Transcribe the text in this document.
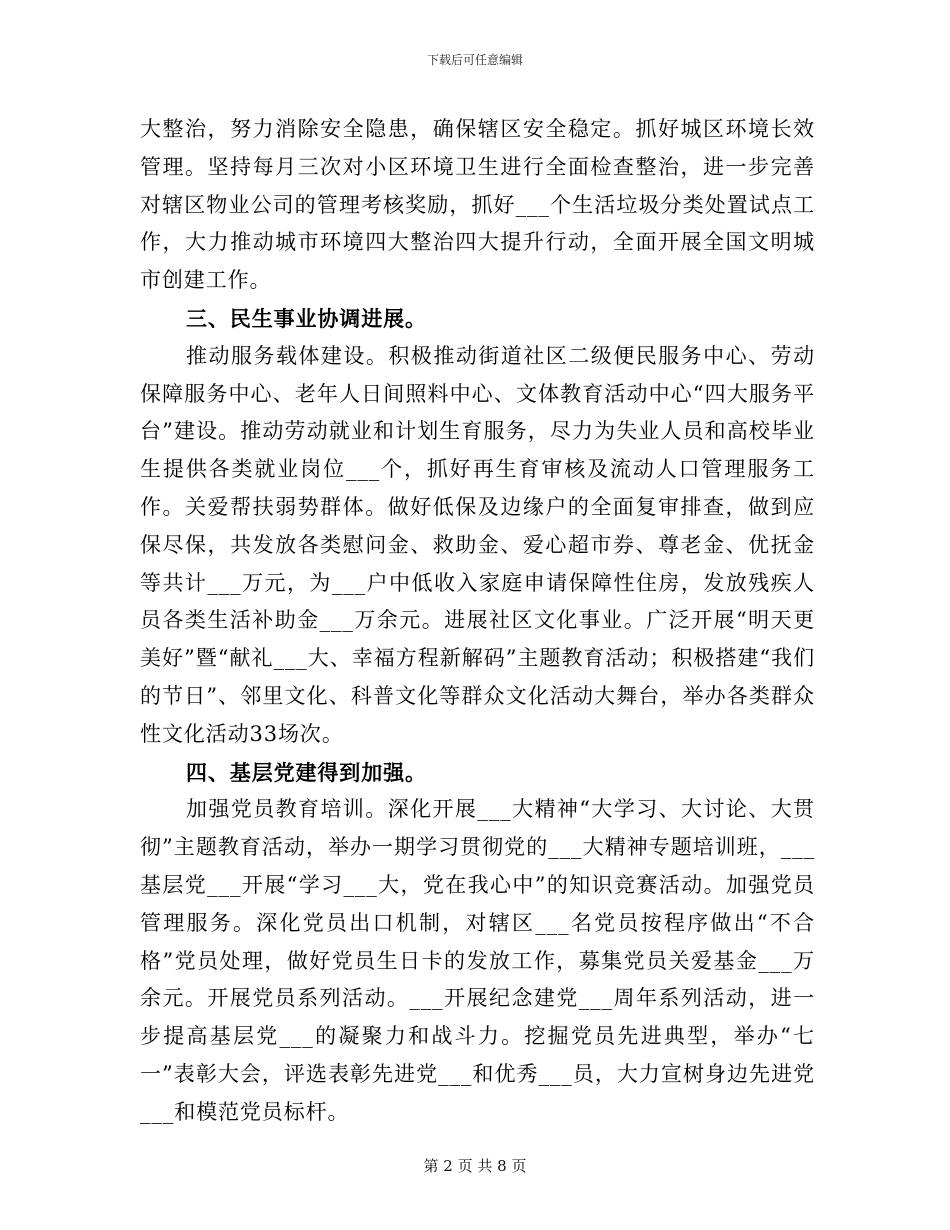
下载后可任意编辑

大整治，努力消除安全隐患，确保辖区安全稳定。抓好城区环境长效管理。坚持每月三次对小区环境卫生进行全面检查整治，进一步完善对辖区物业公司的管理考核奖励，抓好___个生活垃圾分类处置试点工作，大力推动城市环境四大整治四大提升行动，全面开展全国文明城市创建工作。

三、民生事业协调进展。

推动服务载体建设。积极推动街道社区二级便民服务中心、劳动保障服务中心、老年人日间照料中心、文体教育活动中心“四大服务平台”建设。推动劳动就业和计划生育服务，尽力为失业人员和高校毕业生提供各类就业岗位___个，抓好再生育审核及流动人口管理服务工作。关爱帮扶弱势群体。做好低保及边缘户的全面复审排查，做到应保尽保，共发放各类慰问金、救助金、爱心超市券、尊老金、优抚金等共计___万元，为___户中低收入家庭申请保障性住房，发放残疾人员各类生活补助金___万余元。进展社区文化事业。广泛开展“明天更美好”暨“献礼___大、幸福方程新解码”主题教育活动；积极搭建“我们的节日”、邻里文化、科普文化等群众文化活动大舞台，举办各类群众性文化活动33场次。

四、基层党建得到加强。

加强党员教育培训。深化开展___大精神“大学习、大讨论、大贯彻”主题教育活动，举办一期学习贯彻党的___大精神专题培训班，___基层党___开展“学习___大，党在我心中”的知识竞赛活动。加强党员管理服务。深化党员出口机制，对辖区___名党员按程序做出“不合格”党员处理，做好党员生日卡的发放工作，募集党员关爱基金___万余元。开展党员系列活动。___开展纪念建党___周年系列活动，进一步提高基层党___的凝聚力和战斗力。挖掘党员先进典型，举办“七一”表彰大会，评选表彰先进党___和优秀___员，大力宣树身边先进党___和模范党员标杆。

第 2 页 共 8 页
